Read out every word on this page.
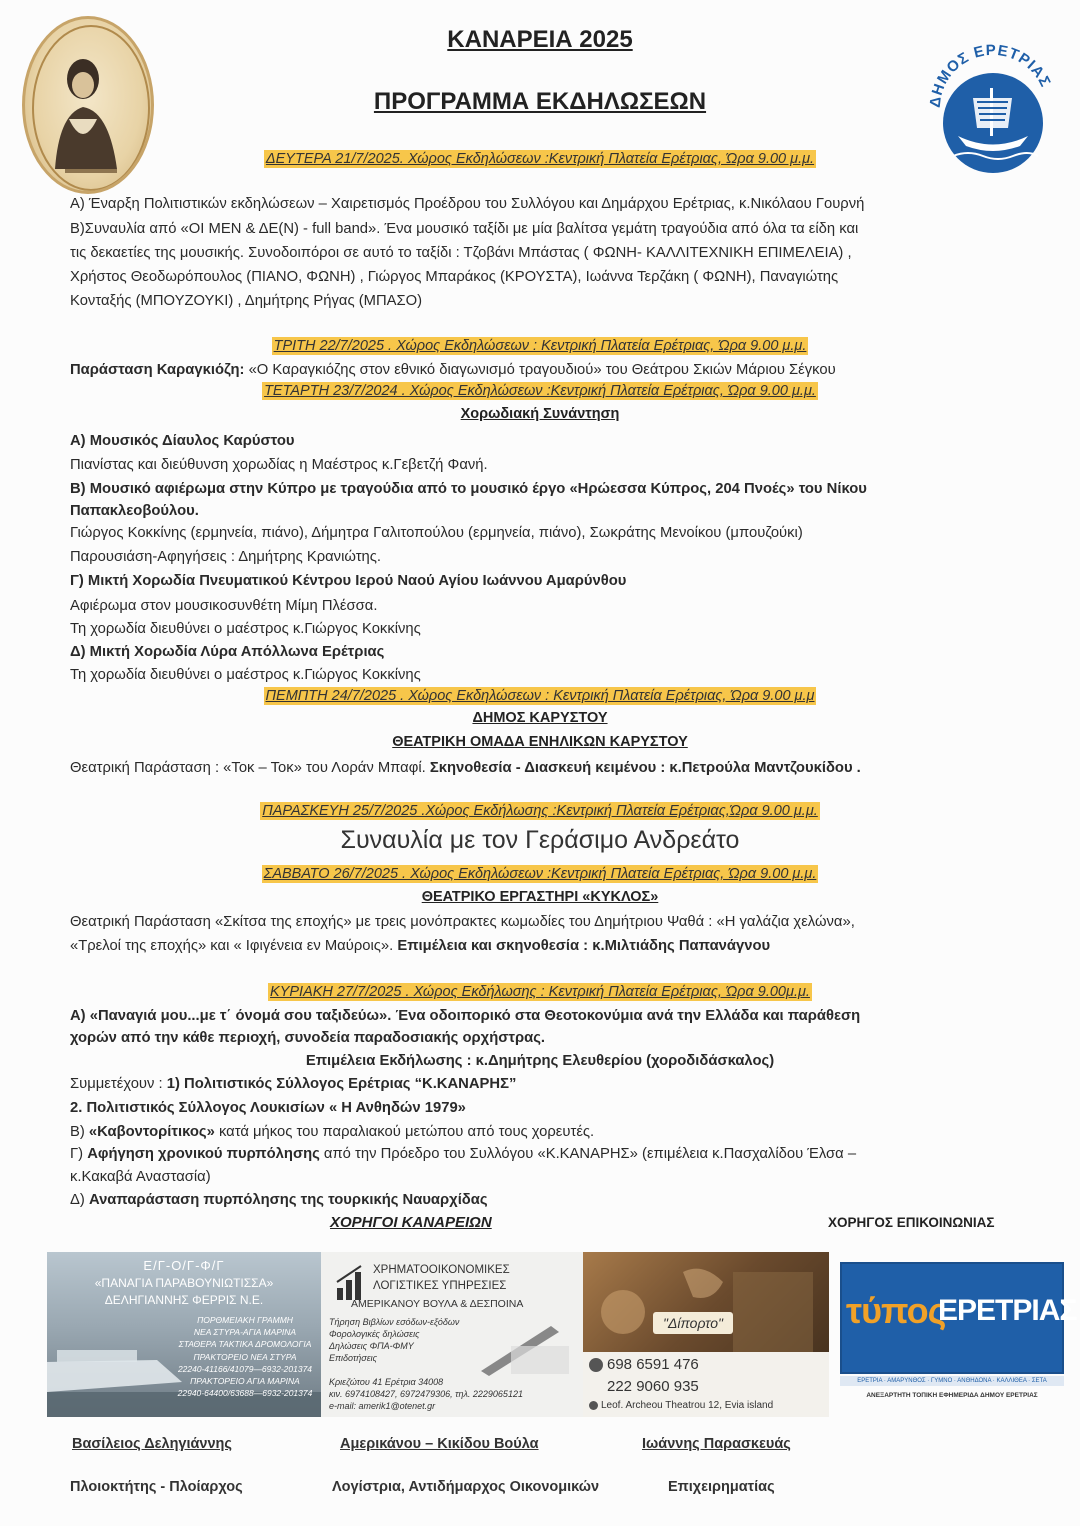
ΔΗΜΟΣ ΕΡΕΤΡΙΑΣ
ΚΑΝΑΡΕΙΑ 2025
ΠΡΟΓΡΑΜΜΑ ΕΚΔΗΛΩΣΕΩΝ
ΔΕΥΤΕΡΑ 21/7/2025. Χώρος Εκδηλώσεων :Κεντρική Πλατεία Ερέτριας, Ώρα 9.00 μ.μ.
Α) Έναρξη Πολιτιστικών εκδηλώσεων – Χαιρετισμός Προέδρου του Συλλόγου και Δημάρχου Ερέτριας, κ.Νικόλαου Γουρνή
Β)Συναυλία από «ΟΙ ΜΕΝ & ΔΕ(Ν) - full band». Ένα μουσικό ταξίδι με μία βαλίτσα γεμάτη τραγούδια από όλα τα είδη και
τις δεκαετίες της μουσικής. Συνοδοιπόροι σε αυτό το ταξίδι : Τζοβάνι Μπάστας ( ΦΩΝΗ- ΚΑΛΛΙΤΕΧΝΙΚΗ ΕΠΙΜΕΛΕΙΑ) ,
Χρήστος Θεοδωρόπουλος (ΠΙΑΝΟ, ΦΩΝΗ) , Γιώργος Μπαράκος (ΚΡΟΥΣΤΑ), Ιωάννα Τερζάκη ( ΦΩΝΗ), Παναγιώτης
Κονταξής (ΜΠΟΥΖΟΥΚΙ) , Δημήτρης Ρήγας (ΜΠΑΣΟ)
ΤΡΙΤΗ 22/7/2025 . Χώρος Εκδηλώσεων : Κεντρική Πλατεία Ερέτριας, Ώρα 9.00 μ.μ.
Παράσταση Καραγκιόζη: «Ο Καραγκιόζης στον εθνικό διαγωνισμό τραγουδιού» του Θεάτρου Σκιών Μάριου Σέγκου
ΤΕΤΑΡΤΗ 23/7/2024 . Χώρος Εκδηλώσεων :Κεντρική Πλατεία Ερέτριας, Ώρα 9.00 μ.μ.
Χορωδιακή Συνάντηση
Α) Μουσικός Δίαυλος Καρύστου
Πιανίστας και διεύθυνση χορωδίας η Μαέστρος κ.Γεβετζή Φανή.
Β) Μουσικό αφιέρωμα στην Κύπρο με τραγούδια από το μουσικό έργο «Ηρώεσσα Κύπρος, 204 Πνοές» του Νίκου
Παπακλεοβούλου.
Γιώργος Κοκκίνης (ερμηνεία, πιάνο), Δήμητρα Γαλιτοπούλου (ερμηνεία, πιάνο), Σωκράτης Μενοίκου (μπουζούκι)
Παρουσιάση-Αφηγήσεις : Δημήτρης Κρανιώτης.
Γ) Μικτή Χορωδία Πνευματικού Κέντρου Ιερού Ναού Αγίου Ιωάννου Αμαρύνθου
Αφιέρωμα στον μουσικοσυνθέτη Μίμη Πλέσσα.
Τη χορωδία διευθύνει ο μαέστρος κ.Γιώργος Κοκκίνης
Δ) Μικτή Χορωδία Λύρα Απόλλωνα Ερέτριας
Τη χορωδία διευθύνει ο μαέστρος κ.Γιώργος Κοκκίνης
ΠΕΜΠΤΗ 24/7/2025 . Χώρος Εκδηλώσεων : Κεντρική Πλατεία Ερέτριας, Ώρα 9.00 μ.μ
ΔΗΜΟΣ ΚΑΡΥΣΤΟΥ
ΘΕΑΤΡΙΚΗ ΟΜΑΔΑ ΕΝΗΛΙΚΩΝ ΚΑΡΥΣΤΟΥ
Θεατρική Παράσταση : «Τοκ – Τοκ» του Λοράν Μπαφί. Σκηνοθεσία - Διασκευή κειμένου : κ.Πετρούλα Μαντζουκίδου .
ΠΑΡΑΣΚΕΥΗ 25/7/2025 .Χώρος Εκδήλωσης :Κεντρική Πλατεία Ερέτριας,Ώρα 9.00 μ.μ.
Συναυλία με τον Γεράσιμο Ανδρεάτο
ΣΑΒΒΑΤΟ 26/7/2025 . Χώρος Εκδηλώσεων :Κεντρική Πλατεία Ερέτριας, Ώρα 9.00 μ.μ.
ΘΕΑΤΡΙΚΟ ΕΡΓΑΣΤΗΡΙ «ΚΥΚΛΟΣ»
Θεατρική Παράσταση «Σκίτσα της εποχής» με τρεις μονόπρακτες κωμωδίες του Δημήτριου Ψαθά : «Η γαλάζια χελώνα»,
«Τρελοί της εποχής» και « Ιφιγένεια εν Μαύροις». Επιμέλεια και σκηνοθεσία : κ.Μιλτιάδης Παπανάγνου
ΚΥΡΙΑΚΗ 27/7/2025 . Χώρος Εκδήλωσης : Κεντρική Πλατεία Ερέτριας, Ώρα 9.00μ.μ.
Α) «Παναγιά μου...με τ΄ όνομά σου ταξιδεύω». Ένα οδοιπορικό στα Θεοτοκονύμια ανά την Ελλάδα και παράθεση
χορών από την κάθε περιοχή, συνοδεία παραδοσιακής ορχήστρας.
Επιμέλεια Εκδήλωσης : κ.Δημήτρης Ελευθερίου (χοροδιδάσκαλος)
Συμμετέχουν : 1) Πολιτιστικός Σύλλογος Ερέτριας “Κ.ΚΑΝΑΡΗΣ”
2. Πολιτιστικός Σύλλογος Λουκισίων « Η Ανθηδών 1979»
Β) «Καβοντορίτικος» κατά μήκος του παραλιακού μετώπου από τους χορευτές.
Γ) Αφήγηση χρονικού πυρπόλησης από την Πρόεδρο του Συλλόγου «Κ.ΚΑΝΑΡΗΣ» (επιμέλεια κ.Πασχαλίδου Έλσα –
κ.Κακαβά Αναστασία)
Δ) Αναπαράσταση πυρπόλησης της τουρκικής Ναυαρχίδας
ΧΟΡΗΓΟΙ ΚΑΝΑΡΕΙΩΝ	ΧΟΡΗΓΟΣ ΕΠΙΚΟΙΝΩΝΙΑΣ
Ε/Γ-Ο/Γ-Φ/Γ
«ΠΑΝΑΓΙΑ ΠΑΡΑΒΟΥΝΙΩΤΙΣΣΑ»
ΔΕΛΗΓΙΑΝΝΗΣ ΦΕΡΡΙΣ Ν.Ε.
ΠΟΡΘΜΕΙΑΚΗ ΓΡΑΜΜΗ
ΝΕΑ ΣΤΥΡΑ-ΑΓΙΑ ΜΑΡΙΝΑ
ΣΤΑΘΕΡΑ ΤΑΚΤΙΚΑ ΔΡΟΜΟΛΟΓΙΑ
ΠΡΑΚΤΟΡΕΙΟ ΝΕΑ ΣΤΥΡΑ
22240-41166/41079—6932-201374
ΠΡΑΚΤΟΡΕΙΟ ΑΓΙΑ ΜΑΡΙΝΑ
22940-64400/63688—6932-201374
ΧΡΗΜΑΤΟΟΙΚΟΝΟΜΙΚΕΣ
ΛΟΓΙΣΤΙΚΕΣ ΥΠΗΡΕΣΙΕΣ
ΑΜΕΡΙΚΑΝΟΥ ΒΟΥΛΑ & ΔΕΣΠΟΙΝΑ
Τήρηση Βιβλίων εσόδων-εξόδων
Φορολογικές δηλώσεις
Δηλώσεις ΦΠΑ-ΦΜΥ
Επιδοτήσεις
Κριεζώτου 41 Ερέτρια 34008
κιν. 6974108427, 6972479306, τηλ. 2229065121
e-mail: amerik1@otenet.gr
"Δίπορτο"
698 6591 476
222 9060 935
Leof. Archeou Theatrou 12, Evia island
τύπος
ΕΡΕΤΡΙΑΣ
ΕΡΕΤΡΙΑ · ΑΜΑΡΥΝΘΟΣ · ΓΥΜΝΟ · ΑΝΘΗΔΟΝΑ · ΚΑΛΛΙΘΕΑ · ΣΕΤΑ
ΑΝΕΞΑΡΤΗΤΗ ΤΟΠΙΚΗ ΕΦΗΜΕΡΙΔΑ ΔΗΜΟΥ ΕΡΕΤΡΙΑΣ
Βασίλειος Δεληγιάννης	Αμερικάνου – Κικίδου Βούλα	Ιωάννης Παρασκευάς
Πλοιοκτήτης - Πλοίαρχος	Λογίστρια, Αντιδήμαρχος Οικονομικών	Επιχειρηματίας
